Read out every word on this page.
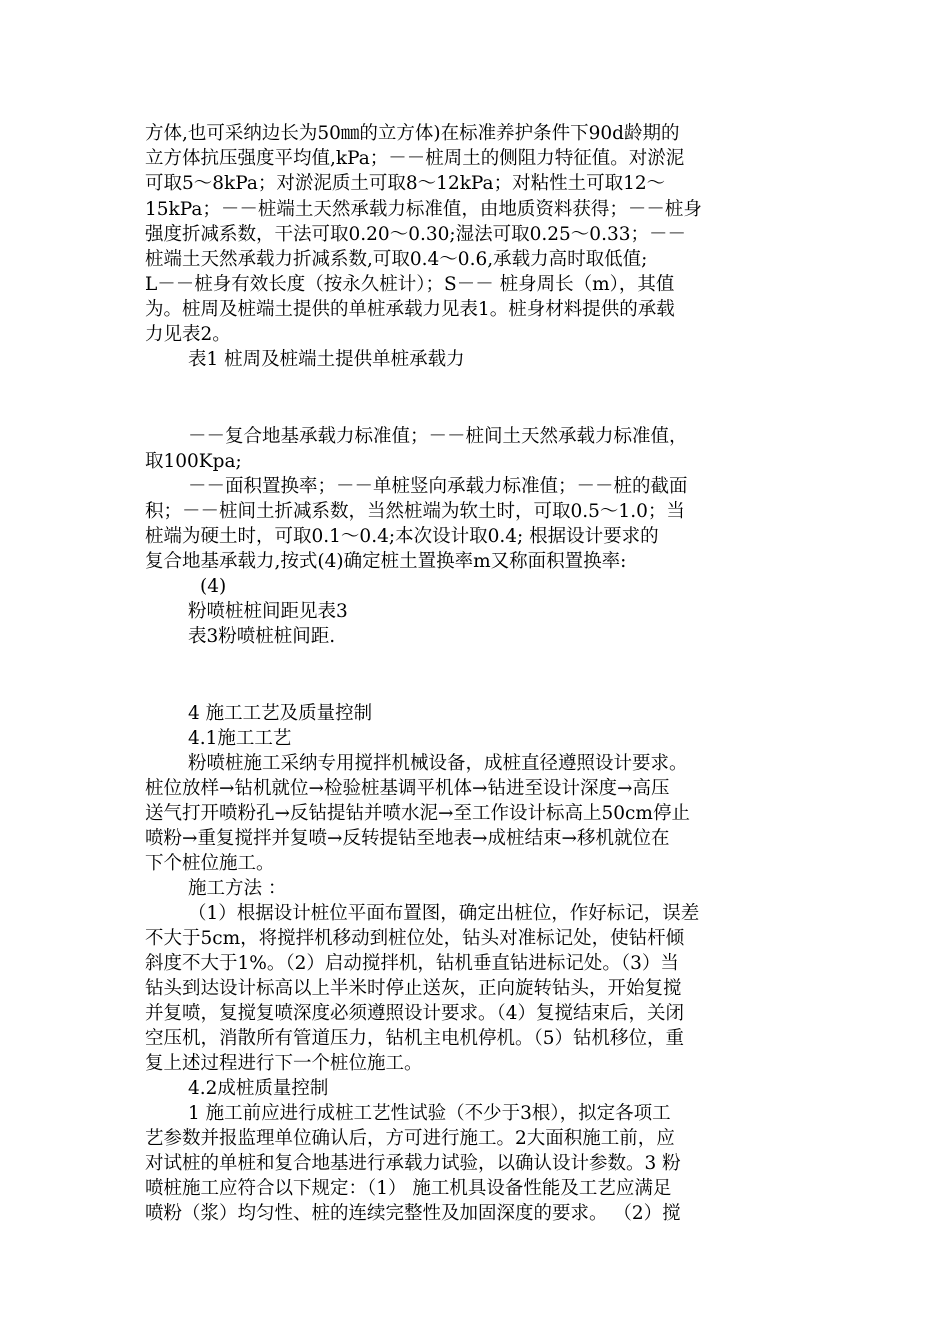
方体,也可采纳边长为50㎜的立方体)在标准养护条件下90d龄期的
立方体抗压强度平均值,kPa；－－桩周土的侧阻力特征值。对淤泥
可取5～8kPa；对淤泥质土可取8～12kPa；对粘性土可取12～
15kPa；－－桩端土天然承载力标准值，由地质资料获得；－－桩身
强度折减系数，干法可取0.20～0.30;湿法可取0.25～0.33；－－
桩端土天然承载力折减系数,可取0.4～0.6,承载力高时取低值;
L－－桩身有效长度（按永久桩计）；S－－ 桩身周长（m），其值
为。桩周及桩端土提供的单桩承载力见表1。桩身材料提供的承载
力见表2。
表1 桩周及桩端土提供单桩承载力
－－复合地基承载力标准值；－－桩间土天然承载力标准值，
取100Kpa;
－－面积置换率；－－单桩竖向承载力标准值；－－桩的截面
积；－－桩间土折减系数，当然桩端为软土时，可取0.5～1.0；当
桩端为硬土时，可取0.1～0.4;本次设计取0.4; 根据设计要求的
复合地基承载力,按式(4)确定桩土置换率m又称面积置换率:
(4)
粉喷桩桩间距见表3
表3粉喷桩桩间距.
4 施工工艺及质量控制
4.1施工工艺
粉喷桩施工采纳专用搅拌机械设备，成桩直径遵照设计要求。
桩位放样→钻机就位→检验桩基调平机体→钻进至设计深度→高压
送气打开喷粉孔→反钻提钻并喷水泥→至工作设计标高上50cm停止
喷粉→重复搅拌并复喷→反转提钻至地表→成桩结束→移机就位在
下个桩位施工。
施工方法 ：
（1）根据设计桩位平面布置图，确定出桩位，作好标记，误差
不大于5cm，将搅拌机移动到桩位处，钻头对准标记处，使钻杆倾
斜度不大于1%。（2）启动搅拌机，钻机垂直钻进标记处。（3）当
钻头到达设计标高以上半米时停止送灰，正向旋转钻头，开始复搅
并复喷，复搅复喷深度必须遵照设计要求。（4）复搅结束后，关闭
空压机，消散所有管道压力，钻机主电机停机。（5）钻机移位，重
复上述过程进行下一个桩位施工。
4.2成桩质量控制
1 施工前应进行成桩工艺性试验（不少于3根），拟定各项工
艺参数并报监理单位确认后，方可进行施工。2大面积施工前，应
对试桩的单桩和复合地基进行承载力试验，以确认设计参数。3 粉
喷桩施工应符合以下规定：（1） 施工机具设备性能及工艺应满足
喷粉（浆）均匀性、桩的连续完整性及加固深度的要求。 （2）搅
